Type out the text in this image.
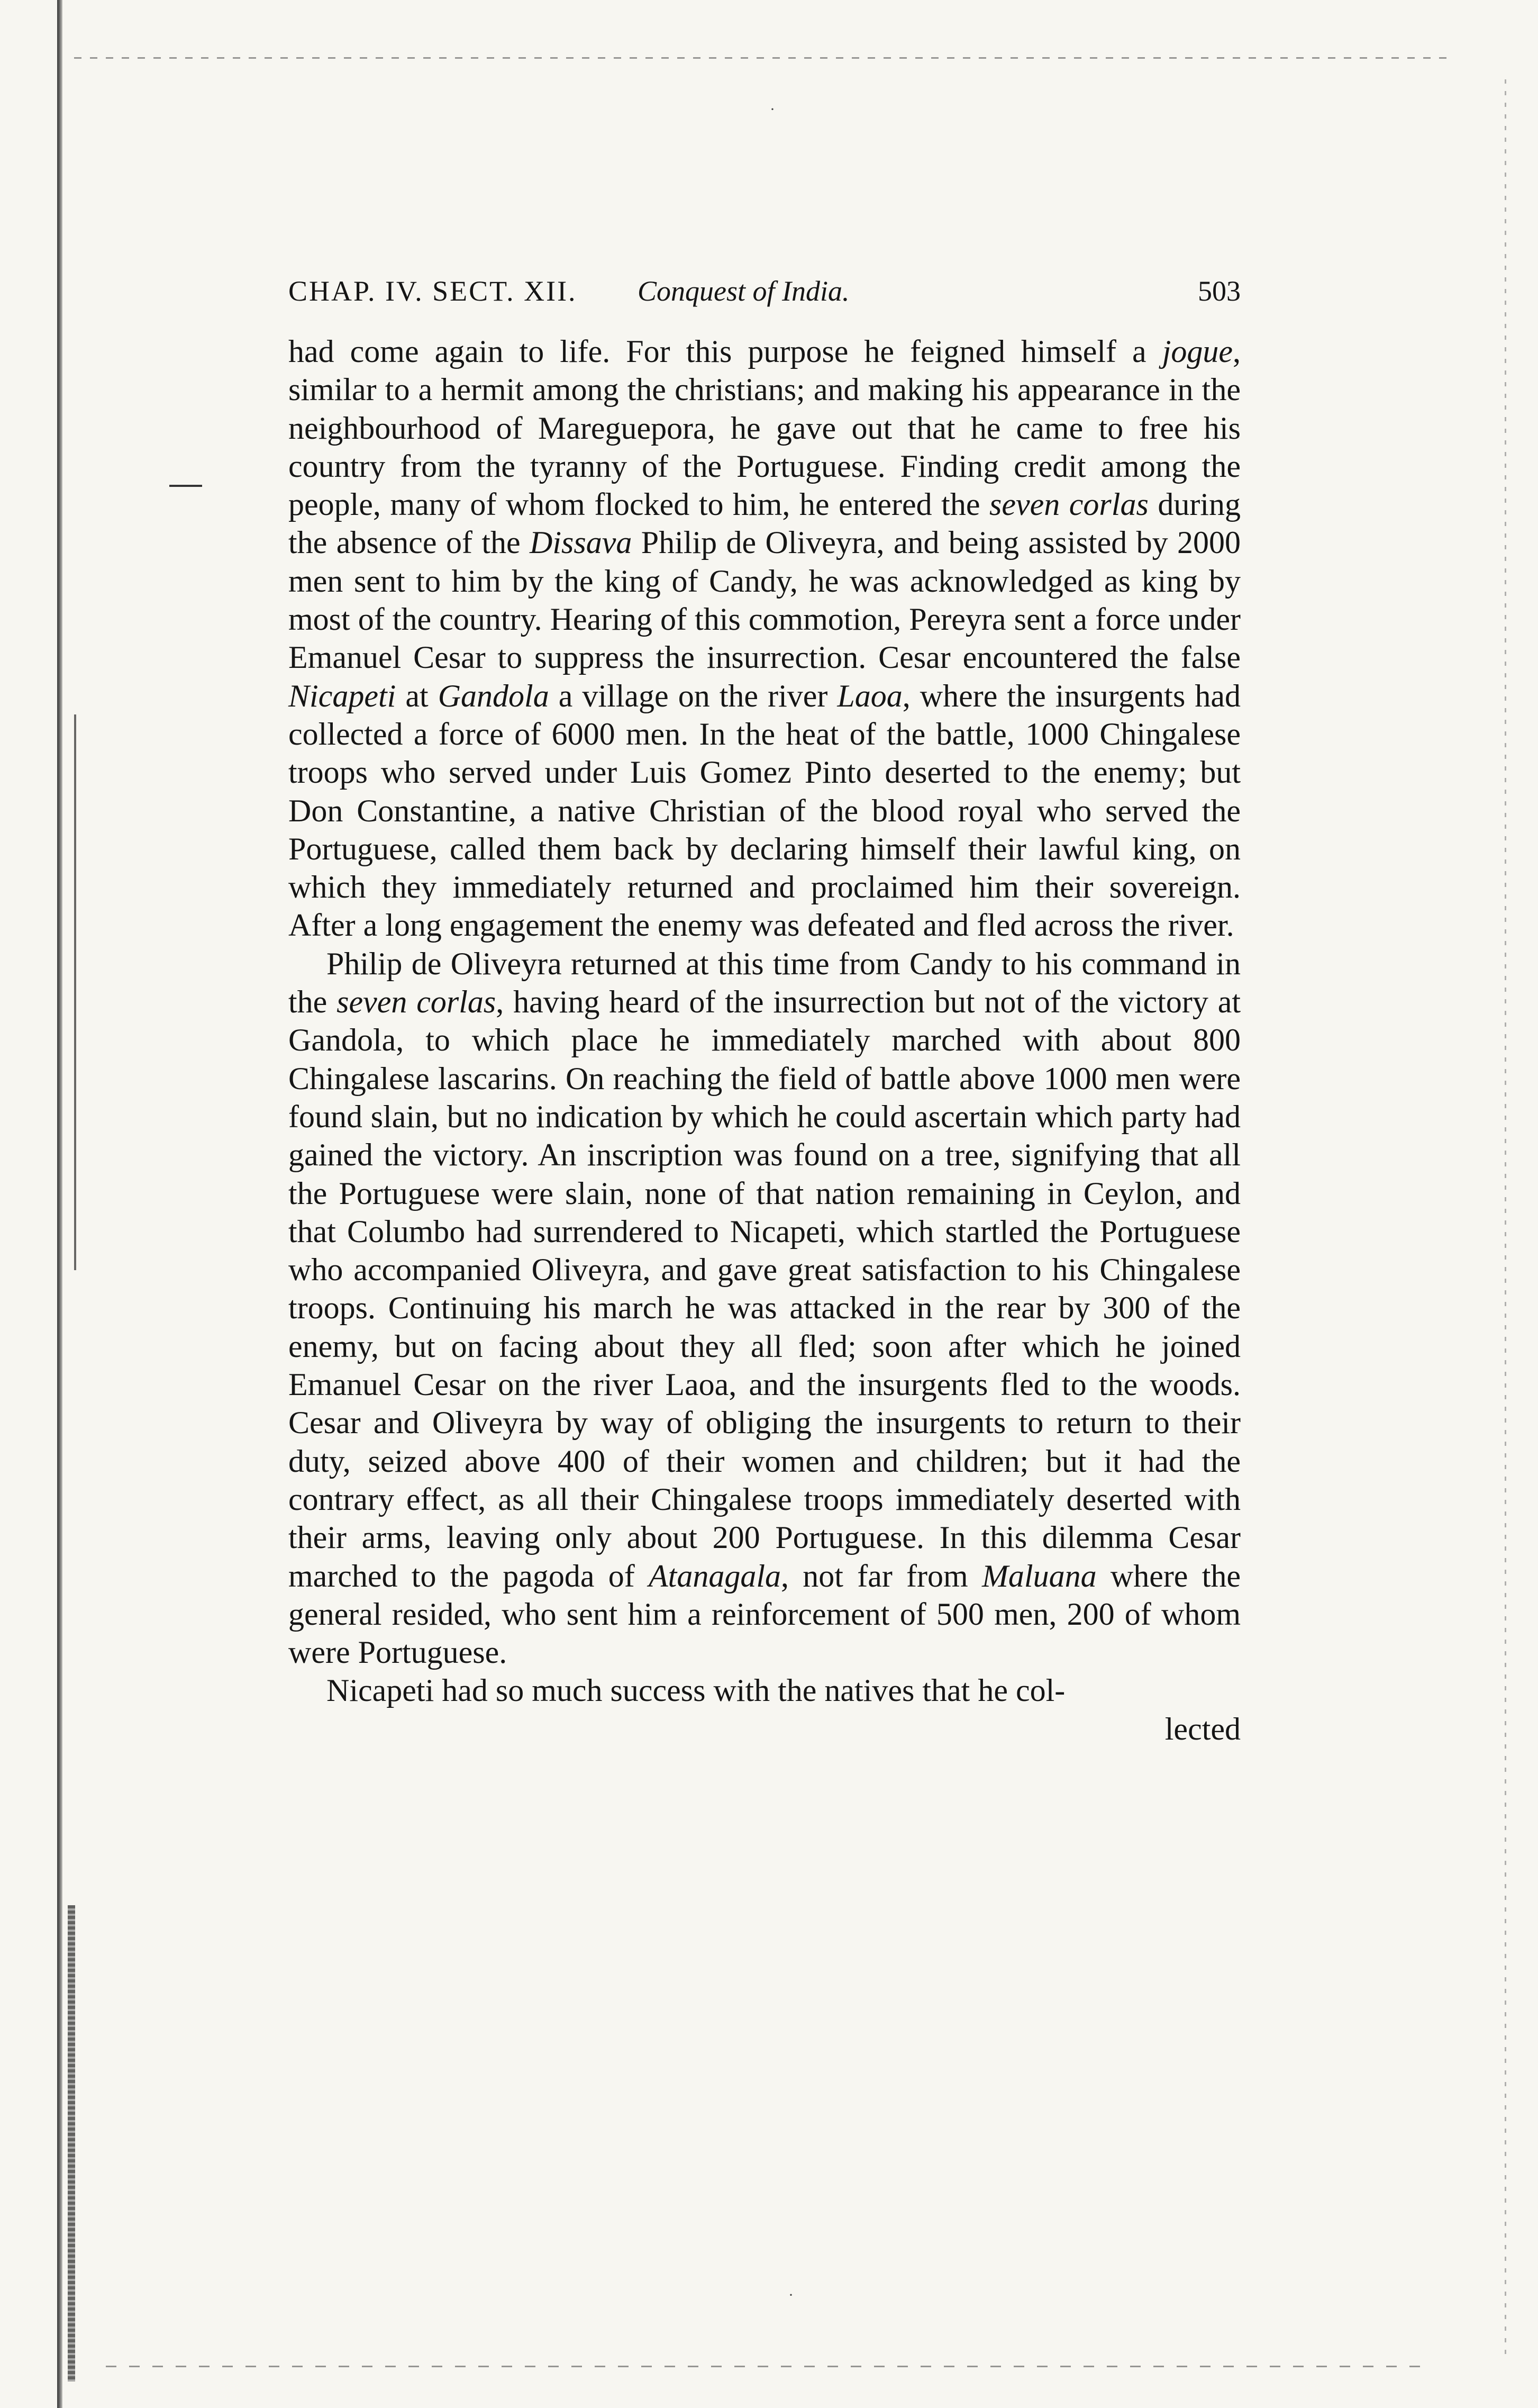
·
·
CHAP. IV. SECT. XII. Conquest of India.	503

had come again to life. For this purpose he feigned himself a jogue, similar to a hermit among the christians; and making his appearance in the neighbourhood of Mareguepora, he gave out that he came to free his country from the tyranny of the Portuguese. Finding credit among the people, many of whom flocked to him, he entered the seven corlas during the absence of the Dissava Philip de Oliveyra, and being assisted by 2000 men sent to him by the king of Candy, he was acknowledged as king by most of the country. Hearing of this commotion, Pereyra sent a force under Emanuel Cesar to suppress the insurrection. Cesar encountered the false Nicapeti at Gandola a village on the river Laoa, where the insurgents had collected a force of 6000 men. In the heat of the battle, 1000 Chingalese troops who served under Luis Gomez Pinto deserted to the enemy; but Don Constantine, a native Christian of the blood royal who served the Portuguese, called them back by declaring himself their lawful king, on which they immediately returned and proclaimed him their sovereign. After a long engagement the enemy was defeated and fled across the river.

Philip de Oliveyra returned at this time from Candy to his command in the seven corlas, having heard of the insurrection but not of the victory at Gandola, to which place he immediately marched with about 800 Chingalese lascarins. On reaching the field of battle above 1000 men were found slain, but no indication by which he could ascertain which party had gained the victory. An inscription was found on a tree, signifying that all the Portuguese were slain, none of that nation remaining in Ceylon, and that Columbo had surrendered to Nicapeti, which startled the Portuguese who accompanied Oliveyra, and gave great satisfaction to his Chingalese troops. Continuing his march he was attacked in the rear by 300 of the enemy, but on facing about they all fled; soon after which he joined Emanuel Cesar on the river Laoa, and the insurgents fled to the woods. Cesar and Oliveyra by way of obliging the insurgents to return to their duty, seized above 400 of their women and children; but it had the contrary effect, as all their Chingalese troops immediately deserted with their arms, leaving only about 200 Portuguese. In this dilemma Cesar marched to the pagoda of Atanagala, not far from Maluana where the general resided, who sent him a reinforcement of 500 men, 200 of whom were Portuguese.

Nicapeti had so much success with the natives that he col-

lected
